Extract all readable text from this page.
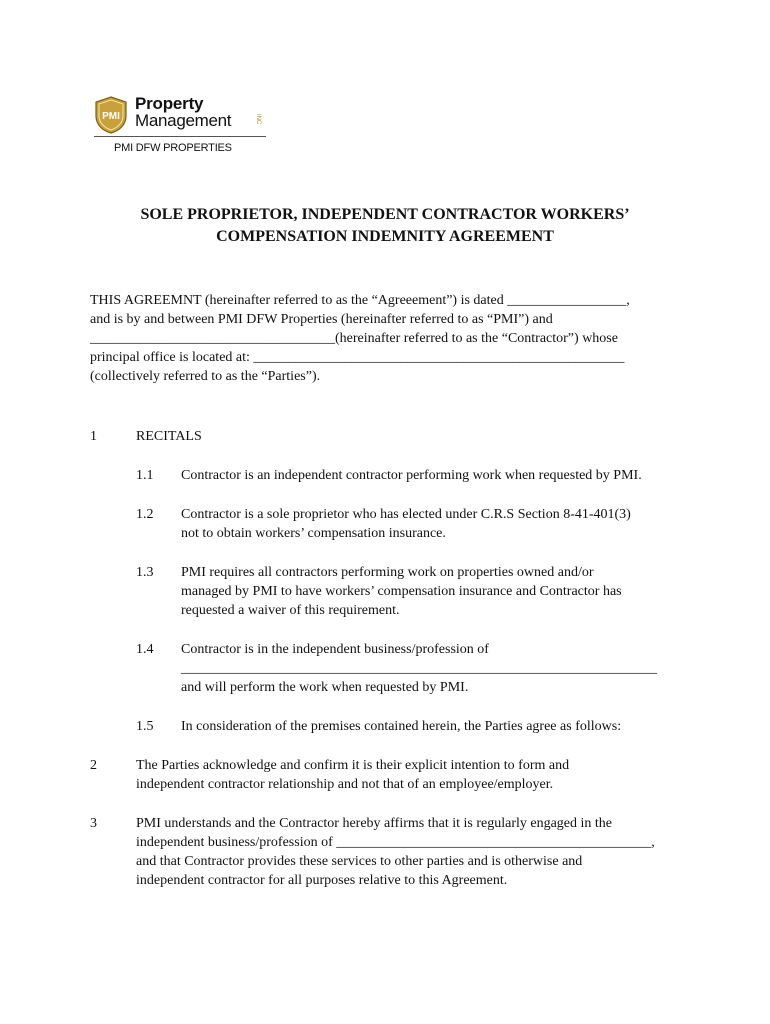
PMI
Property
Management	INC
PMI DFW PROPERTIES
SOLE PROPRIETOR, INDEPENDENT CONTRACTOR WORKERS’
COMPENSATION INDEMNITY AGREEMENT
THIS AGREEMNT (hereinafter referred to as the “Agreeement”) is dated _________________,
and is by and between PMI DFW Properties (hereinafter referred to as “PMI”) and
___________________________________(hereinafter referred to as the “Contractor”) whose
principal office is located at: _____________________________________________________
(collectively referred to as the “Parties”).
1	RECITALS
1.1 Contractor is an independent contractor performing work when requested by PMI.
1.2 Contractor is a sole proprietor who has elected under C.R.S Section 8-41-401(3)
not to obtain workers’ compensation insurance.
1.3 PMI requires all contractors performing work on properties owned and/or
managed by PMI to have workers’ compensation insurance and Contractor has
requested a waiver of this requirement.
1.4 Contractor is in the independent business/profession of
____________________________________________________________________
and will perform the work when requested by PMI.
1.5 In consideration of the premises contained herein, the Parties agree as follows:
2	The Parties acknowledge and confirm it is their explicit intention to form and
independent contractor relationship and not that of an employee/employer.
3	PMI understands and the Contractor hereby affirms that it is regularly engaged in the
independent business/profession of _____________________________________________,
and that Contractor provides these services to other parties and is otherwise and
independent contractor for all purposes relative to this Agreement.
